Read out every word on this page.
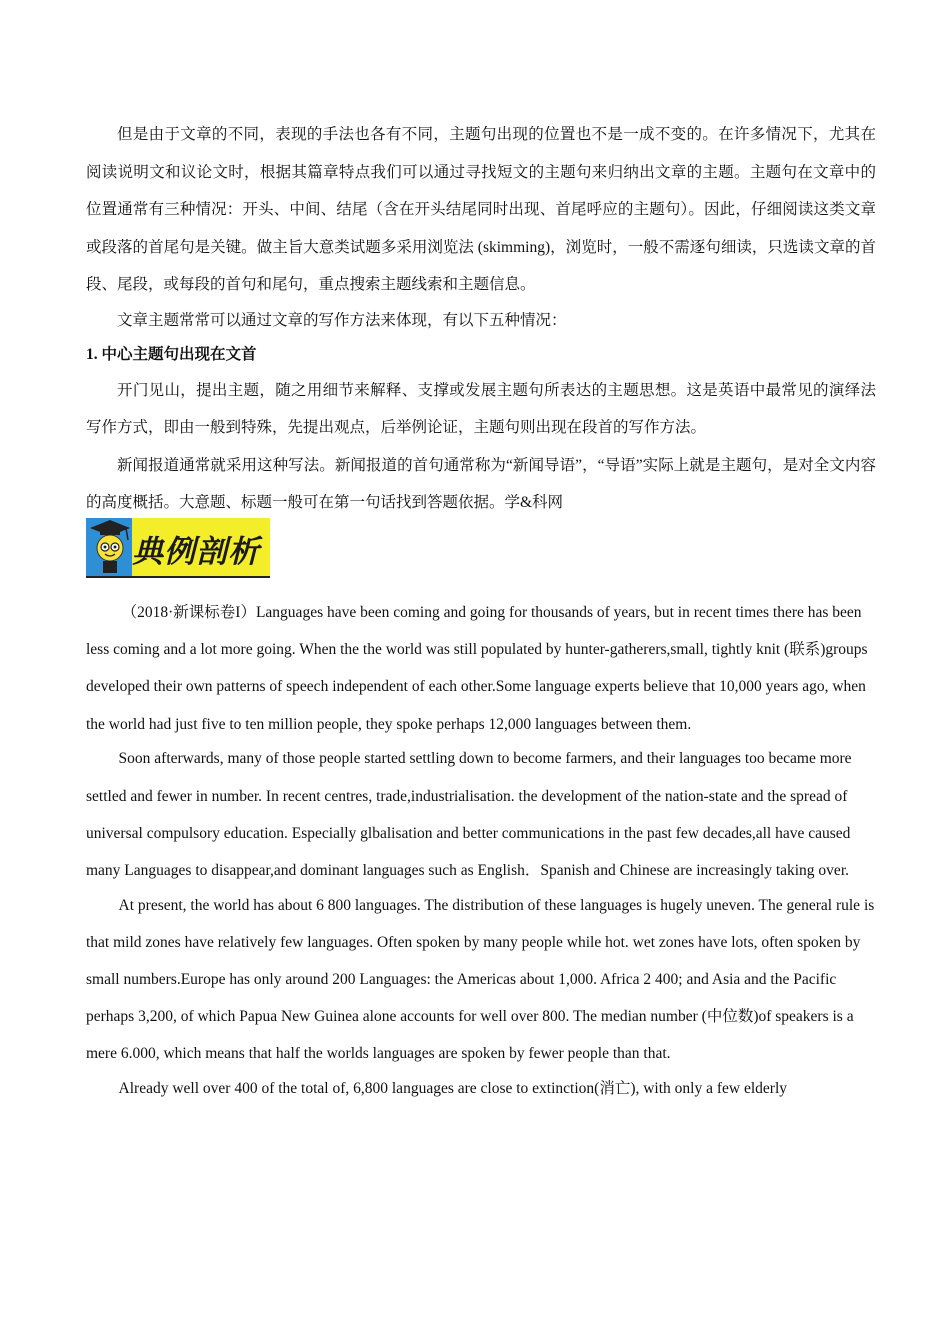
但是由于文章的不同，表现的手法也各有不同，主题句出现的位置也不是一成不变的。在许多情况下，尤其在阅读说明文和议论文时，根据其篇章特点我们可以通过寻找短文的主题句来归纳出文章的主题。主题句在文章中的位置通常有三种情况：开头、中间、结尾（含在开头结尾同时出现、首尾呼应的主题句）。因此，仔细阅读这类文章或段落的首尾句是关键。做主旨大意类试题多采用浏览法 (skimming)，浏览时，一般不需逐句细读，只选读文章的首段、尾段，或每段的首句和尾句，重点搜索主题线索和主题信息。

文章主题常常可以通过文章的写作方法来体现，有以下五种情况：

1. 中心主题句出现在文首

开门见山，提出主题，随之用细节来解释、支撑或发展主题句所表达的主题思想。这是英语中最常见的演绎法写作方式，即由一般到特殊，先提出观点，后举例论证，主题句则出现在段首的写作方法。

新闻报道通常就采用这种写法。新闻报道的首句通常称为“新闻导语”，“导语”实际上就是主题句，是对全文内容的高度概括。大意题、标题一般可在第一句话找到答题依据。学&科网

典例剖析

（2018·新课标卷I）Languages have been coming and going for thousands of years, but in recent times there has been less coming and a lot more going. When the the world was still populated by hunter-gatherers,small, tightly knit (联系)groups developed their own patterns of speech independent of each other.Some language experts believe that 10,000 years ago, when the world had just five to ten million people, they spoke perhaps 12,000 languages between them.

Soon afterwards, many of those people started settling down to become farmers, and their languages too became more settled and fewer in number. In recent centres, trade,industrialisation. the development of the nation-state and the spread of universal compulsory education. Especially glbalisation and better communications in the past few decades,all have caused many Languages to disappear,and dominant languages such as English．Spanish and Chinese are increasingly taking over.

At present, the world has about 6 800 languages. The distribution of these languages is hugely uneven. The general rule is that mild zones have relatively few languages. Often spoken by many people while hot. wet zones have lots, often spoken by small numbers.Europe has only around 200 Languages: the Americas about 1,000. Africa 2 400; and Asia and the Pacific perhaps 3,200, of which Papua New Guinea alone accounts for well over 800. The median number (中位数)of speakers is a mere 6.000, which means that half the worlds languages are spoken by fewer people than that.

Already well over 400 of the total of, 6,800 languages are close to extinction(消亡), with only a few elderly
